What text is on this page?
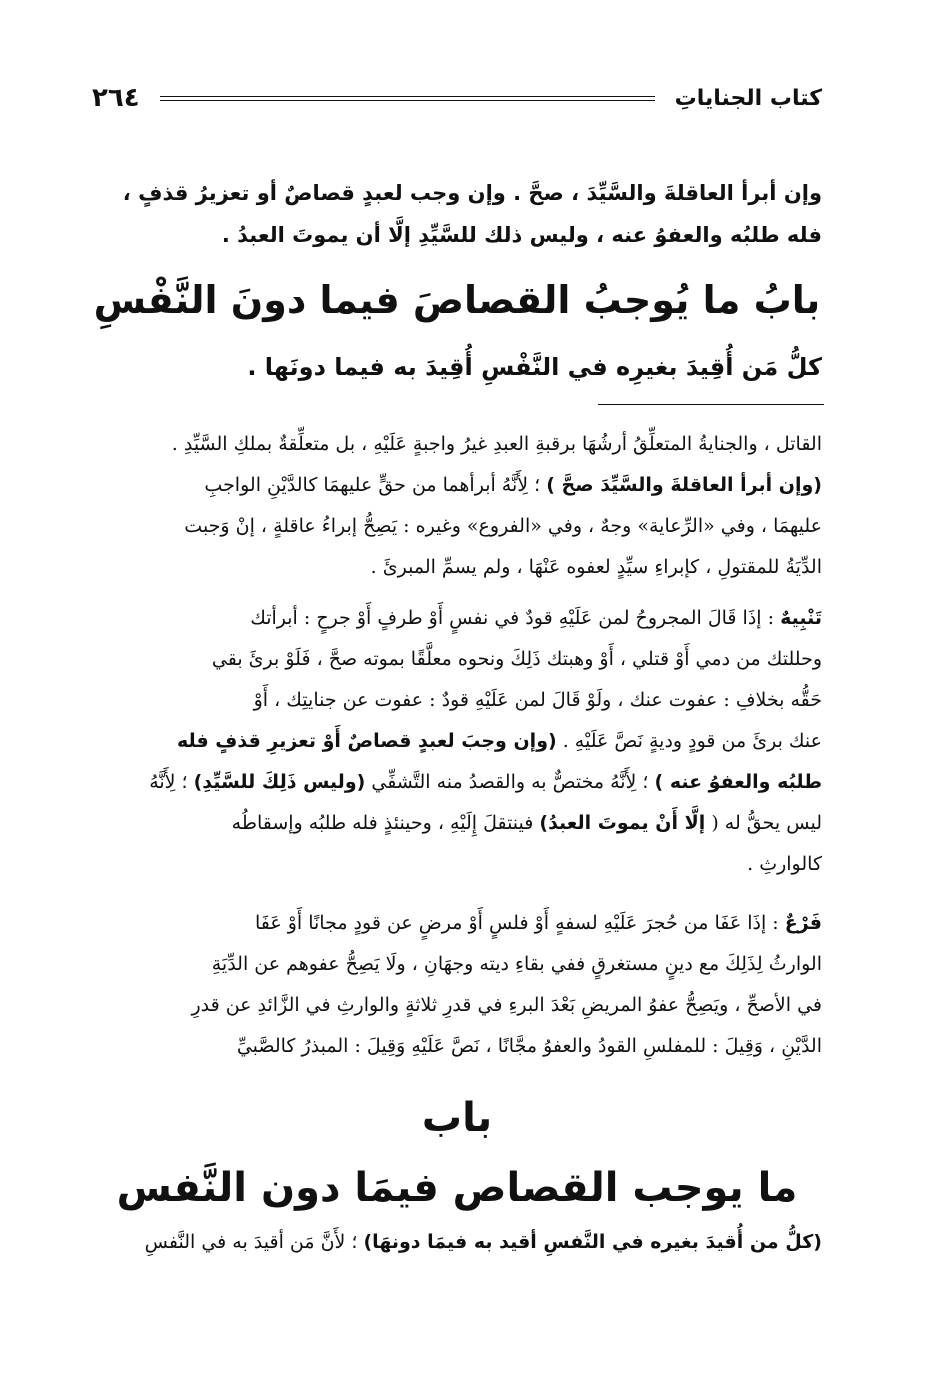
٢٦٤	كتاب الجناياتِ
وإن أبرأ العاقلةَ والسَّيِّدَ ، صحَّ . وإن وجب لعبدٍ قصاصٌ أو تعزيرُ قذفٍ ،
فله طلبُه والعفوُ عنه ، وليس ذلك للسَّيِّدِ إلَّا أن يموتَ العبدُ .
بابُ ما يُوجبُ القصاصَ فيما دونَ النَّفْسِ
كلُّ مَن أُقِيدَ بغيرِه في النَّفْسِ أُقِيدَ به فيما دونَها .
القاتل ، والجنايةُ المتعلِّقُ أرشُهَا برقبةِ العبدِ غيرُ واجبةٍ عَلَيْهِ ، بل متعلِّقةٌ بملكِ السَّيِّدِ .
(وإن أبرأ العاقلةَ والسَّيِّدَ صحَّ ) ؛ لِأَنَّهُ أبرأهما من حقٍّ عليهمَا كالدَّيْنِ الواجبِ
عليهمَا ، وفي «الرِّعاية» وجهٌ ، وفي «الفروع» وغيره : يَصِحُّ إبراءُ عاقلةٍ ، إنْ وَجبت
الدِّيَةُ للمقتولِ ، كإبراءِ سيِّدٍ لعفوه عَنْهَا ، ولم يسمِّ المبرئَ .
تَنْبِيهٌ : إذَا قَالَ المجروحُ لمن عَلَيْهِ قودٌ في نفسٍ أَوْ طرفٍ أَوْ جرحٍ : أبرأتك
وحللتك من دمي أَوْ قتلي ، أَوْ وهبتك ذَلِكَ ونحوه معلَّقًا بموته صحَّ ، فَلَوْ برئَ بقي
حَقُّه بخلافِ : عفوت عنك ، ولَوْ قَالَ لمن عَلَيْهِ قودٌ : عفوت عن جنايتِك ، أَوْ
عنك برئَ من قودٍ وديةٍ نَصَّ عَلَيْهِ . (وإن وجبَ لعبدٍ قصاصٌ أَوْ تعزيرِ قذفٍ فله
طلبُه والعفوُ عنه ) ؛ لِأَنَّهُ مختصٌّ به والقصدُ منه التَّشفِّي (وليس ذَلِكَ للسَّيِّدِ) ؛ لِأَنَّهُ
ليس يحقُّ له ( إلَّا أَنْ يموتَ العبدُ) فينتقلَ إِلَيْهِ ، وحينئذٍ فله طلبُه وإسقاطُه
كالوارثِ .
فَرْعٌ : إذَا عَفَا من حُجرَ عَلَيْهِ لسفهٍ أَوْ فلسٍ أَوْ مرضٍ عن قودٍ مجانًا أَوْ عَفَا
الوارثُ لِذَلِكَ مع دينٍ مستغرقٍ ففي بقاءِ ديته وجهَانِ ، ولَا يَصِحُّ عفوهم عن الدِّيَةِ
في الأصحِّ ، ويَصِحُّ عفوُ المريضِ بَعْدَ البرءِ في قدرِ ثلاثةٍ والوارثِ في الزَّائدِ عن قدرِ
الدَّيْنِ ، وَقِيلَ : للمفلسِ القودُ والعفوُ مجَّانًا ، نَصَّ عَلَيْهِ وَقِيلَ : المبذرُ كالصَّبيِّ
باب
ما يوجب القصاص فيمَا دون النَّفس
(كلُّ من أُقيدَ بغيره في النَّفسِ أقيد به فيمَا دونهَا) ؛ لأَنَّ مَن أقيدَ به في النَّفسِ
